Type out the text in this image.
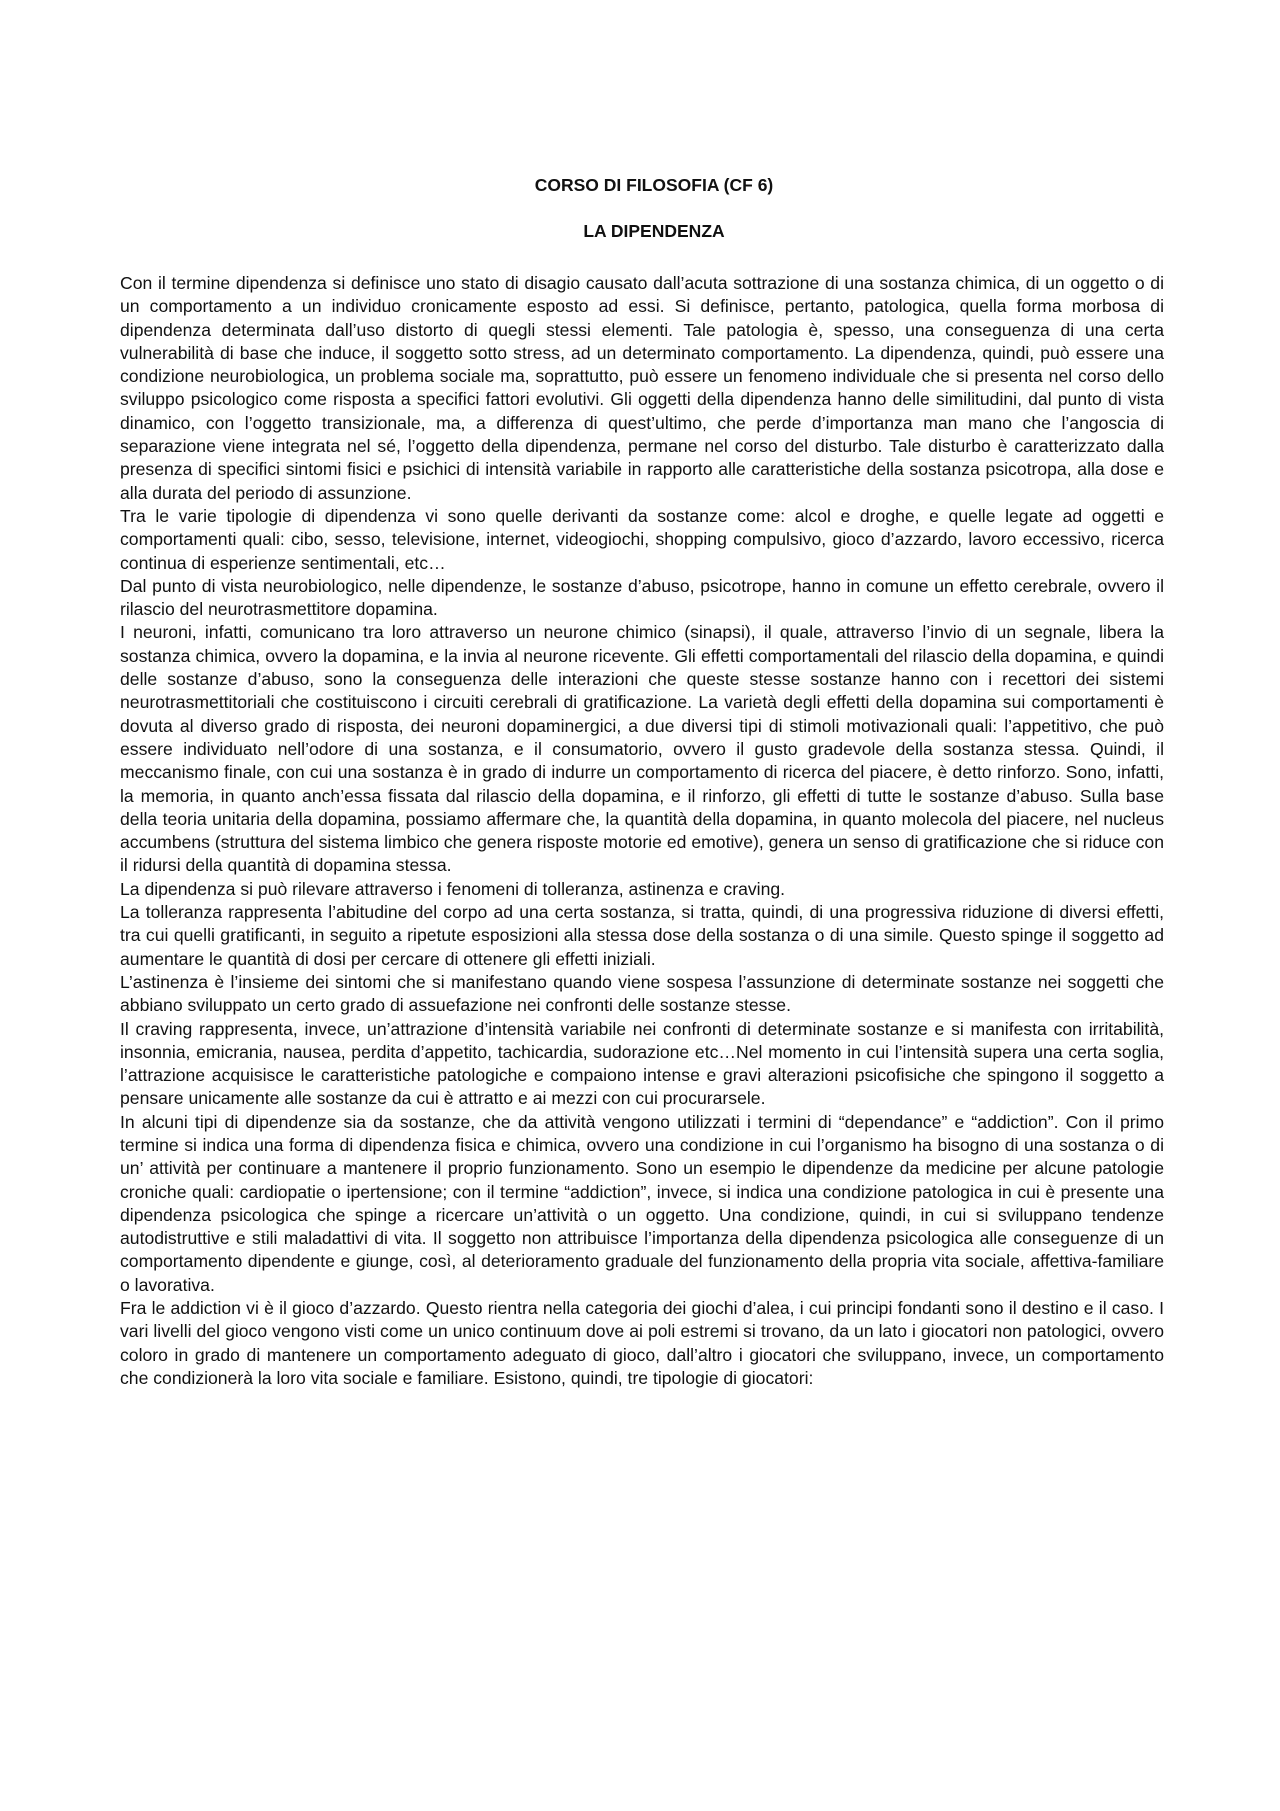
CORSO DI FILOSOFIA (CF 6)
LA DIPENDENZA

Con il termine dipendenza si definisce uno stato di disagio causato dall’acuta sottrazione di una sostanza chimica, di un oggetto o di un comportamento a un individuo cronicamente esposto ad essi. Si definisce, pertanto, patologica, quella forma morbosa di dipendenza determinata dall’uso distorto di quegli stessi elementi. Tale patologia è, spesso, una conseguenza di una certa vulnerabilità di base che induce, il soggetto sotto stress, ad un determinato comportamento. La dipendenza, quindi, può essere una condizione neurobiologica, un problema sociale ma, soprattutto, può essere un fenomeno individuale che si presenta nel corso dello sviluppo psicologico come risposta a specifici fattori evolutivi. Gli oggetti della dipendenza hanno delle similitudini, dal punto di vista dinamico, con l’oggetto transizionale, ma, a differenza di quest’ultimo, che perde d’importanza man mano che l’angoscia di separazione viene integrata nel sé, l’oggetto della dipendenza, permane nel corso del disturbo. Tale disturbo è caratterizzato dalla presenza di specifici sintomi fisici e psichici di intensità variabile in rapporto alle caratteristiche della sostanza psicotropa, alla dose e alla durata del periodo di assunzione.

Tra le varie tipologie di dipendenza vi sono quelle derivanti da sostanze come: alcol e droghe, e quelle legate ad oggetti e comportamenti quali: cibo, sesso, televisione, internet, videogiochi, shopping compulsivo, gioco d’azzardo, lavoro eccessivo, ricerca continua di esperienze sentimentali, etc…

Dal punto di vista neurobiologico, nelle dipendenze, le sostanze d’abuso, psicotrope, hanno in comune un effetto cerebrale, ovvero il rilascio del neurotrasmettitore dopamina.

I neuroni, infatti, comunicano tra loro attraverso un neurone chimico (sinapsi), il quale, attraverso l’invio di un segnale, libera la sostanza chimica, ovvero la dopamina, e la invia al neurone ricevente. Gli effetti comportamentali del rilascio della dopamina, e quindi delle sostanze d’abuso, sono la conseguenza delle interazioni che queste stesse sostanze hanno con i recettori dei sistemi neurotrasmettitoriali che costituiscono i circuiti cerebrali di gratificazione. La varietà degli effetti della dopamina sui comportamenti è dovuta al diverso grado di risposta, dei neuroni dopaminergici, a due diversi tipi di stimoli motivazionali quali: l’appetitivo, che può essere individuato nell’odore di una sostanza, e il consumatorio, ovvero il gusto gradevole della sostanza stessa. Quindi, il meccanismo finale, con cui una sostanza è in grado di indurre un comportamento di ricerca del piacere, è detto rinforzo. Sono, infatti, la memoria, in quanto anch’essa fissata dal rilascio della dopamina, e il rinforzo, gli effetti di tutte le sostanze d’abuso. Sulla base della teoria unitaria della dopamina, possiamo affermare che, la quantità della dopamina, in quanto molecola del piacere, nel nucleus accumbens (struttura del sistema limbico che genera risposte motorie ed emotive), genera un senso di gratificazione che si riduce con il ridursi della quantità di dopamina stessa.

La dipendenza si può rilevare attraverso i fenomeni di tolleranza, astinenza e craving.

La tolleranza rappresenta l’abitudine del corpo ad una certa sostanza, si tratta, quindi, di una progressiva riduzione di diversi effetti, tra cui quelli gratificanti, in seguito a ripetute esposizioni alla stessa dose della sostanza o di una simile. Questo spinge il soggetto ad aumentare le quantità di dosi per cercare di ottenere gli effetti iniziali.

L’astinenza è l’insieme dei sintomi che si manifestano quando viene sospesa l’assunzione di determinate sostanze nei soggetti che abbiano sviluppato un certo grado di assuefazione nei confronti delle sostanze stesse.

Il craving rappresenta, invece, un’attrazione d’intensità variabile nei confronti di determinate sostanze e si manifesta con irritabilità, insonnia, emicrania, nausea, perdita d’appetito, tachicardia, sudorazione etc…Nel momento in cui l’intensità supera una certa soglia, l’attrazione acquisisce le caratteristiche patologiche e compaiono intense e gravi alterazioni psicofisiche che spingono il soggetto a pensare unicamente alle sostanze da cui è attratto e ai mezzi con cui procurarsele.

In alcuni tipi di dipendenze sia da sostanze, che da attività vengono utilizzati i termini di “dependance” e “addiction”. Con il primo termine si indica una forma di dipendenza fisica e chimica, ovvero una condizione in cui l’organismo ha bisogno di una sostanza o di un’ attività per continuare a mantenere il proprio funzionamento. Sono un esempio le dipendenze da medicine per alcune patologie croniche quali: cardiopatie o ipertensione; con il termine “addiction”, invece, si indica una condizione patologica in cui è presente una dipendenza psicologica che spinge a ricercare un’attività o un oggetto. Una condizione, quindi, in cui si sviluppano tendenze autodistruttive e stili maladattivi di vita. Il soggetto non attribuisce l’importanza della dipendenza psicologica alle conseguenze di un comportamento dipendente e giunge, così, al deterioramento graduale del funzionamento della propria vita sociale, affettiva-familiare o lavorativa.

Fra le addiction vi è il gioco d’azzardo. Questo rientra nella categoria dei giochi d’alea, i cui principi fondanti sono il destino e il caso. I vari livelli del gioco vengono visti come un unico continuum dove ai poli estremi si trovano, da un lato i giocatori non patologici, ovvero coloro in grado di mantenere un comportamento adeguato di gioco, dall’altro i giocatori che sviluppano, invece, un comportamento che condizionerà la loro vita sociale e familiare. Esistono, quindi, tre tipologie di giocatori:
